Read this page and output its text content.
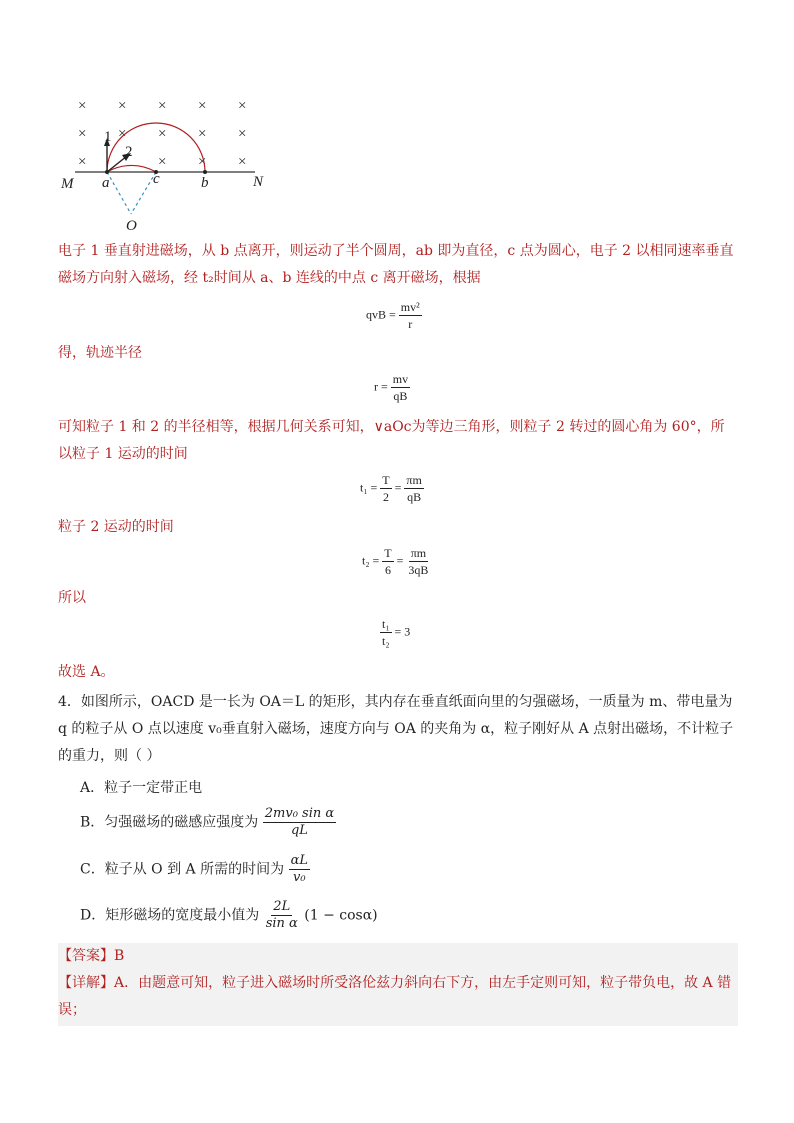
× × × × ×
× × × × ×
×	× × ×
M a	c	b	N
O
1
2
电子 1 垂直射进磁场，从 b 点离开，则运动了半个圆周，ab 即为直径，c 点为圆心，电子 2 以相同速率垂直磁场方向射入磁场，经 t₂时间从 a、b 连线的中点 c 离开磁场，根据
qvB = $\frac{\text{mv²}}{r}$
得，轨迹半径
$r = \frac{mv}{qB}$
可知粒子 1 和 2 的半径相等，根据几何关系可知，∨aOc为等边三角形，则粒子 2 转过的圆心角为 60°，所以粒子 1 运动的时间
$t_1 = \frac{T}{2} = \frac{\pi m}{qB}$
粒子 2 运动的时间
$t_2 = \frac{T}{6} = \frac{\pi m}{3qB}$
所以
$\frac{\text{t₁}}{\text{t₂}} = 3$
故选 A。
4．如图所示，OACD 是一长为 OA＝L 的矩形，其内存在垂直纸面向里的匀强磁场，一质量为 m、带电量为 q 的粒子从 O 点以速度 v₀垂直射入磁场，速度方向与 OA 的夹角为 α，粒子刚好从 A 点射出磁场，不计粒子的重力，则（ ）
A．粒子一定带正电
B．匀强磁场的磁感应强度为 $\frac{\text{2mv₀ sin α}}{qL}$
C．粒子从 O 到 A 所需的时间为 $\frac{\alpha L}{\text{v₀}}$
D．矩形磁场的宽度最小值为 $\frac{2L}{\text{sin α}} (1 - \cos\alpha)$
【答案】B
【详解】A．由题意可知，粒子进入磁场时所受洛伦兹力斜向右下方，由左手定则可知，粒子带负电，故 A 错误；
